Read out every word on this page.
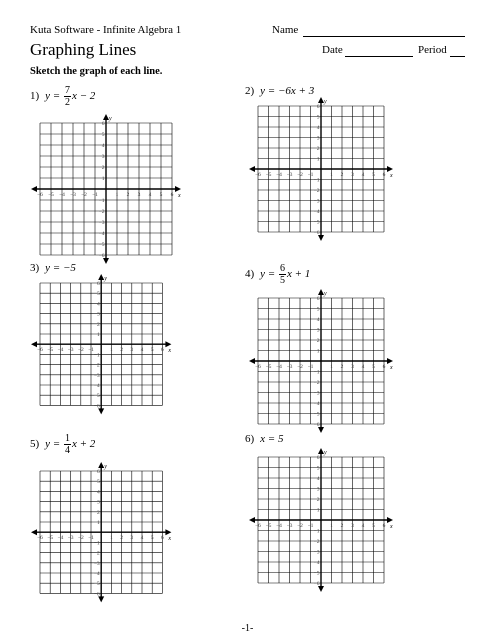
Kuta Software - Infinite Algebra 1	Name
Graphing Lines	Date	Period
Sketch the graph of each line.
1) $y = \frac{7}{2}$ x − 2
−6 −5 −4 −3 −2 −1	1 2 3 4 5 6
6
5
4
3
2
1
−1
−2
−3
−4
−5
−6
x
y
2) y = −6x + 3
−6 −5 −4 −3 −2 −1	1 2 3 4 5 6
6
5
4
3
2
1
−1
−2
−3
−4
−5
−6
x
y
3) y = −5
−6 −5 −4 −3 −2 −1	1 2 3 4 5 6
6
5
4
3
2
1
−1
−2
−3
−4
−5
−6
x
y	4) $y = \frac{6}{5}$ x + 1
−6 −5 −4 −3 −2 −1	1 2 3 4 5 6
6
5
4
3
2
1
−1
−2
−3
−4
−5
−6
x
y
5) $y = \frac{1}{4}$ x + 2
−6 −5 −4 −3 −2 −1	1 2 3 4 5 6
6
5
4
3
2
1
−1
−2
−3
−4
−5
−6
x
y
6) x = 5
−6 −5 −4 −3 −2 −1	1 2 3 4 5 6
6
5
4
3
2
1
−1
−2
−3
−4
−5
−6
x
y
-1-
